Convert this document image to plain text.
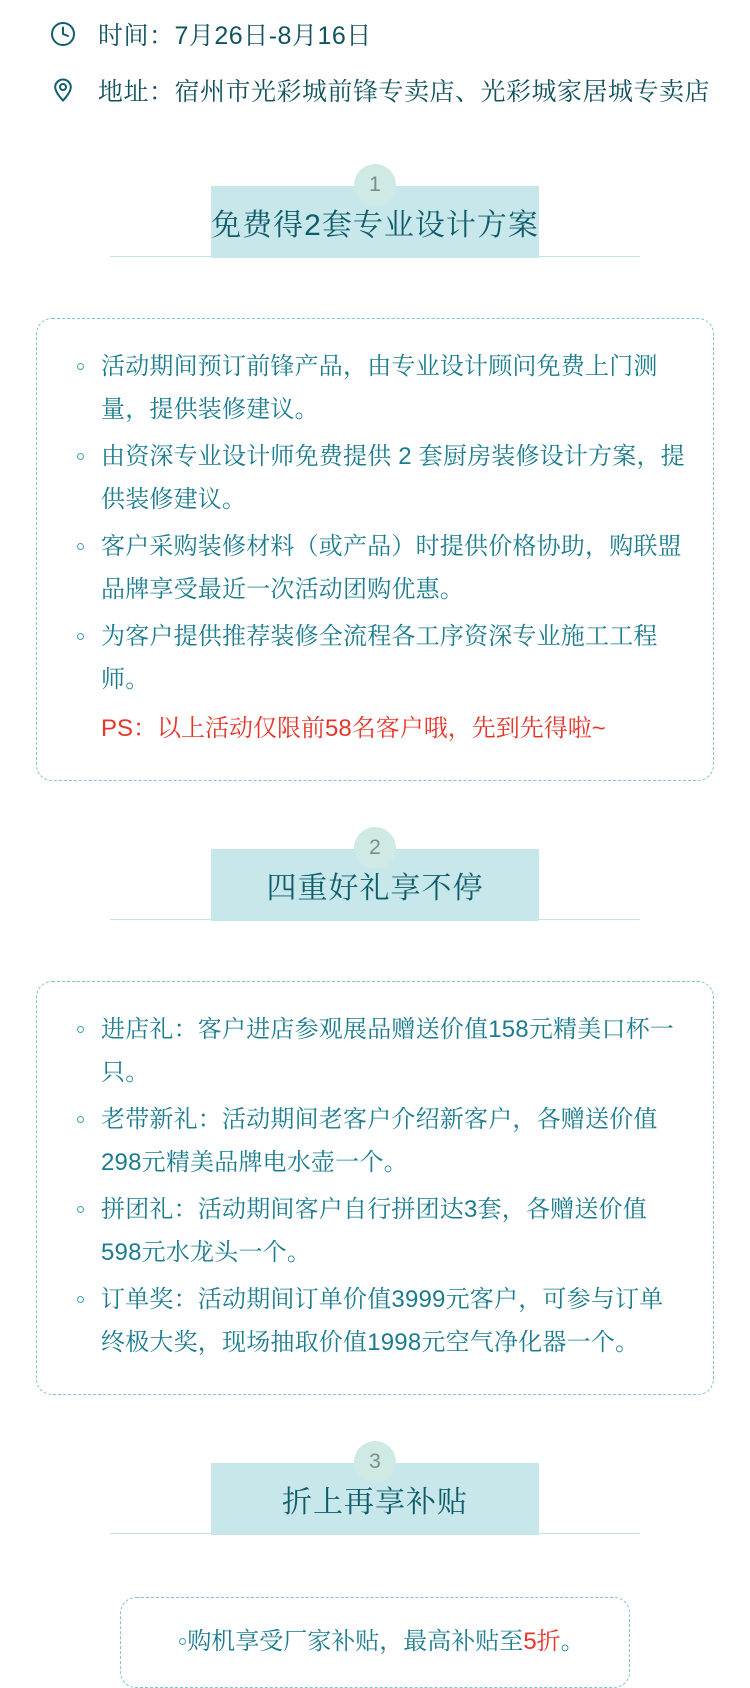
时间：7月26日-8月16日
地址：宿州市光彩城前锋专卖店、光彩城家居城专卖店
1
免费得2套专业设计方案
活动期间预订前锋产品，由专业设计顾问免费上门测量，提供装修建议。
由资深专业设计师免费提供 2 套厨房装修设计方案，提供装修建议。
客户采购装修材料（或产品）时提供价格协助，购联盟品牌享受最近一次活动团购优惠。
为客户提供推荐装修全流程各工序资深专业施工工程师。
PS：以上活动仅限前58名客户哦，先到先得啦~
2
四重好礼享不停
进店礼：客户进店参观展品赠送价值158元精美口杯一只。
老带新礼：活动期间老客户介绍新客户，各赠送价值298元精美品牌电水壶一个。
拼团礼：活动期间客户自行拼团达3套，各赠送价值598元水龙头一个。
订单奖：活动期间订单价值3999元客户，可参与订单终极大奖，现场抽取价值1998元空气净化器一个。
3
折上再享补贴
购机享受厂家补贴，最高补贴至5折。
